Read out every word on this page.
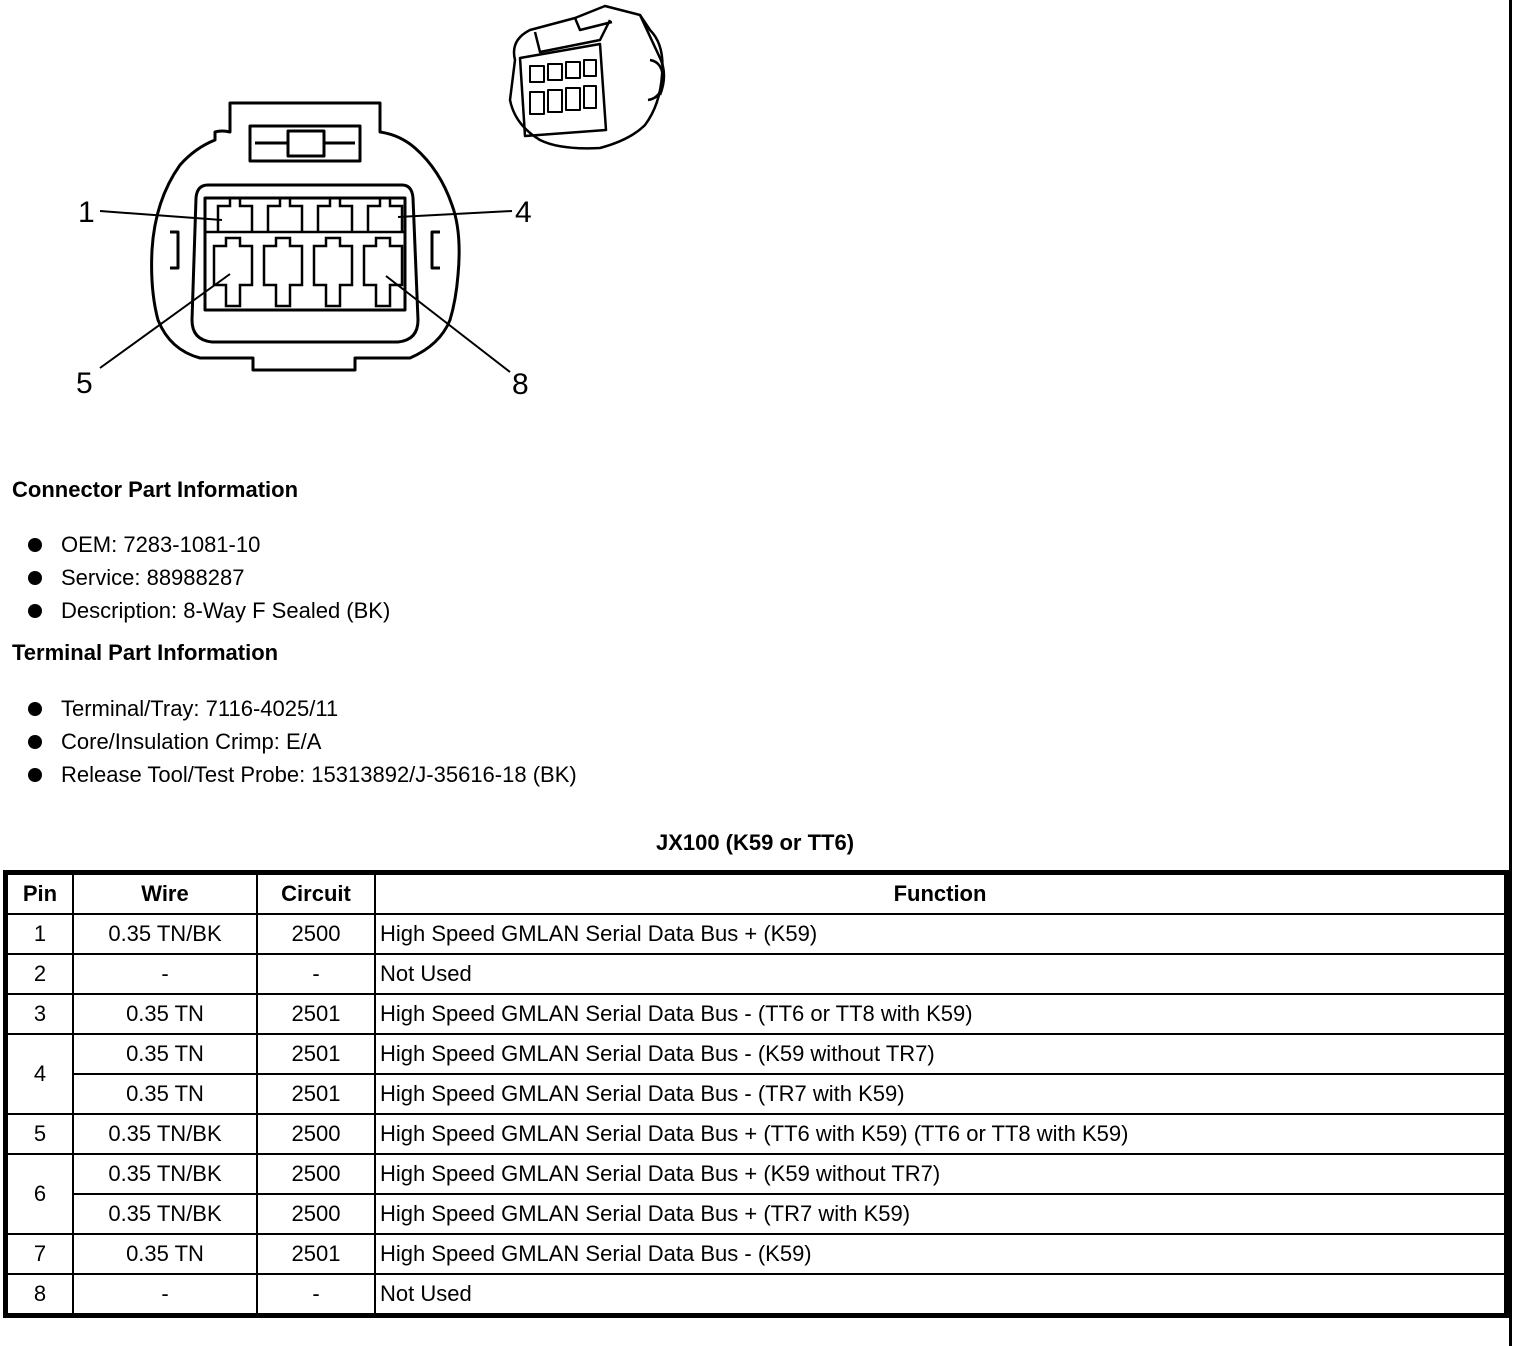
1	4
5	8
Connector Part Information
OEM: 7283-1081-10
Service: 88988287
Description: 8-Way F Sealed (BK)
Terminal Part Information
Terminal/Tray: 7116-4025/11
Core/Insulation Crimp: E/A
Release Tool/Test Probe: 15313892/J-35616-18 (BK)
JX100 (K59 or TT6)
Pin	Wire	Circuit	Function
1	0.35 TN/BK	2500	High Speed GMLAN Serial Data Bus + (K59)
2	-	-	Not Used
3	0.35 TN	2501	High Speed GMLAN Serial Data Bus - (TT6 or TT8 with K59)
4	0.35 TN	2501	High Speed GMLAN Serial Data Bus - (K59 without TR7)
	0.35 TN	2501	High Speed GMLAN Serial Data Bus - (TR7 with K59)
5	0.35 TN/BK	2500	High Speed GMLAN Serial Data Bus + (TT6 with K59) (TT6 or TT8 with K59)
6	0.35 TN/BK	2500	High Speed GMLAN Serial Data Bus + (K59 without TR7)
	0.35 TN/BK	2500	High Speed GMLAN Serial Data Bus + (TR7 with K59)
7	0.35 TN	2501	High Speed GMLAN Serial Data Bus - (K59)
8	-	-	Not Used
